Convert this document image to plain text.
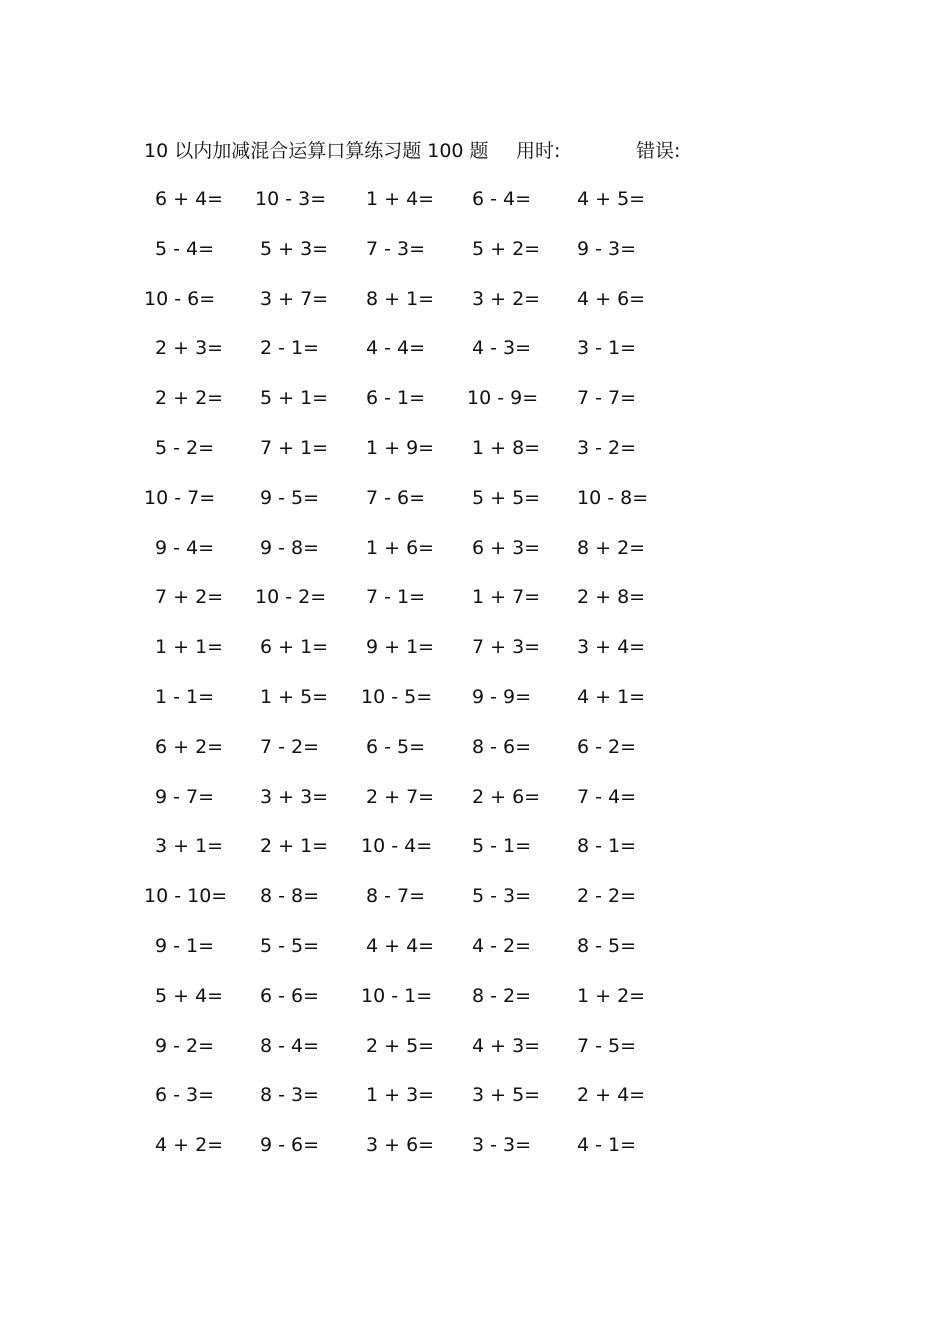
10 以内加减混合运算口算练习题 100 题 用时:	错误:
6 + 4= 10 - 3= 1 + 4= 6 - 4= 4 + 5=
5 - 4= 5 + 3= 7 - 3= 5 + 2= 9 - 3=
10 - 6= 3 + 7= 8 + 1= 3 + 2= 4 + 6=
2 + 3= 2 - 1= 4 - 4= 4 - 3= 3 - 1=
2 + 2= 5 + 1= 6 - 1= 10 - 9= 7 - 7=
5 - 2= 7 + 1= 1 + 9= 1 + 8= 3 - 2=
10 - 7= 9 - 5= 7 - 6= 5 + 5= 10 - 8=
9 - 4= 9 - 8= 1 + 6= 6 + 3= 8 + 2=
7 + 2= 10 - 2= 7 - 1= 1 + 7= 2 + 8=
1 + 1= 6 + 1= 9 + 1= 7 + 3= 3 + 4=
1 - 1= 1 + 5= 10 - 5= 9 - 9= 4 + 1=
6 + 2= 7 - 2= 6 - 5= 8 - 6= 6 - 2=
9 - 7= 3 + 3= 2 + 7= 2 + 6= 7 - 4=
3 + 1= 2 + 1= 10 - 4= 5 - 1= 8 - 1=
10 - 10= 8 - 8= 8 - 7= 5 - 3= 2 - 2=
9 - 1= 5 - 5= 4 + 4= 4 - 2= 8 - 5=
5 + 4= 6 - 6= 10 - 1= 8 - 2= 1 + 2=
9 - 2= 8 - 4= 2 + 5= 4 + 3= 7 - 5=
6 - 3= 8 - 3= 1 + 3= 3 + 5= 2 + 4=
4 + 2= 9 - 6= 3 + 6= 3 - 3= 4 - 1=
